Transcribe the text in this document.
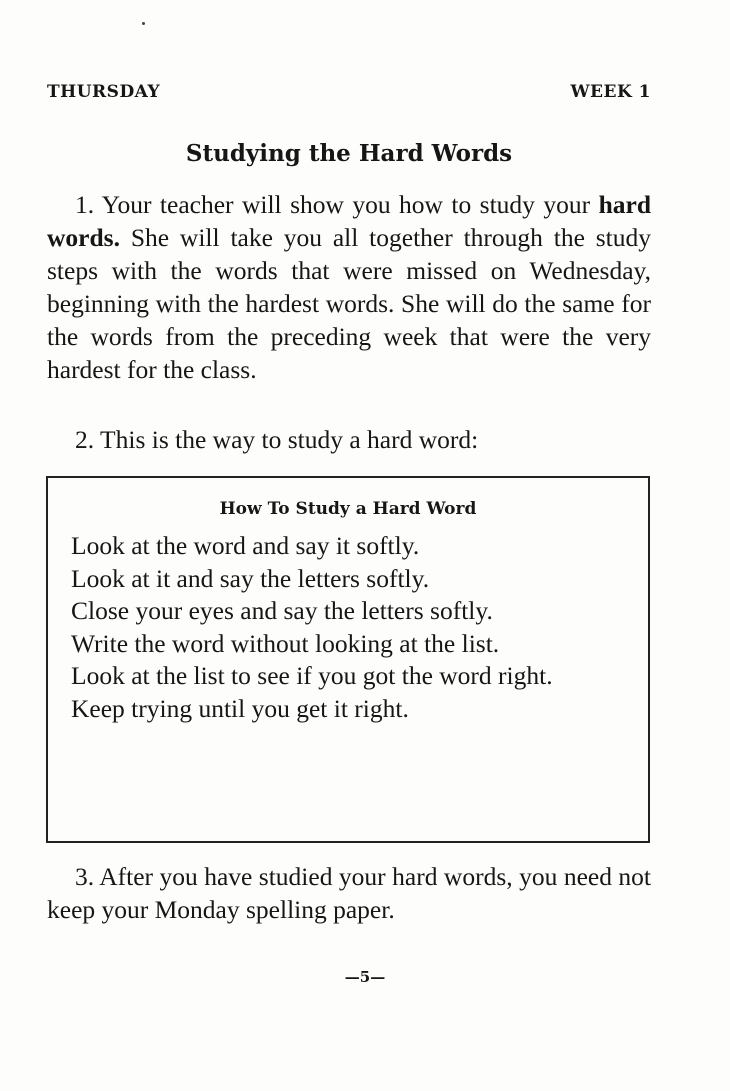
THURSDAY	WEEK 1
Studying the Hard Words
1. Your teacher will show you how to study your hard words. She will take you all together through the study steps with the words that were missed on Wednesday, beginning with the hardest words. She will do the same for the words from the preceding week that were the very hardest for the class.
2. This is the way to study a hard word:
How To Study a Hard Word
Look at the word and say it softly.
Look at it and say the letters softly.
Close your eyes and say the letters softly.
Write the word without looking at the list.
Look at the list to see if you got the word right.
Keep trying until you get it right.
3. After you have studied your hard words, you need not keep your Monday spelling paper.
—5—
